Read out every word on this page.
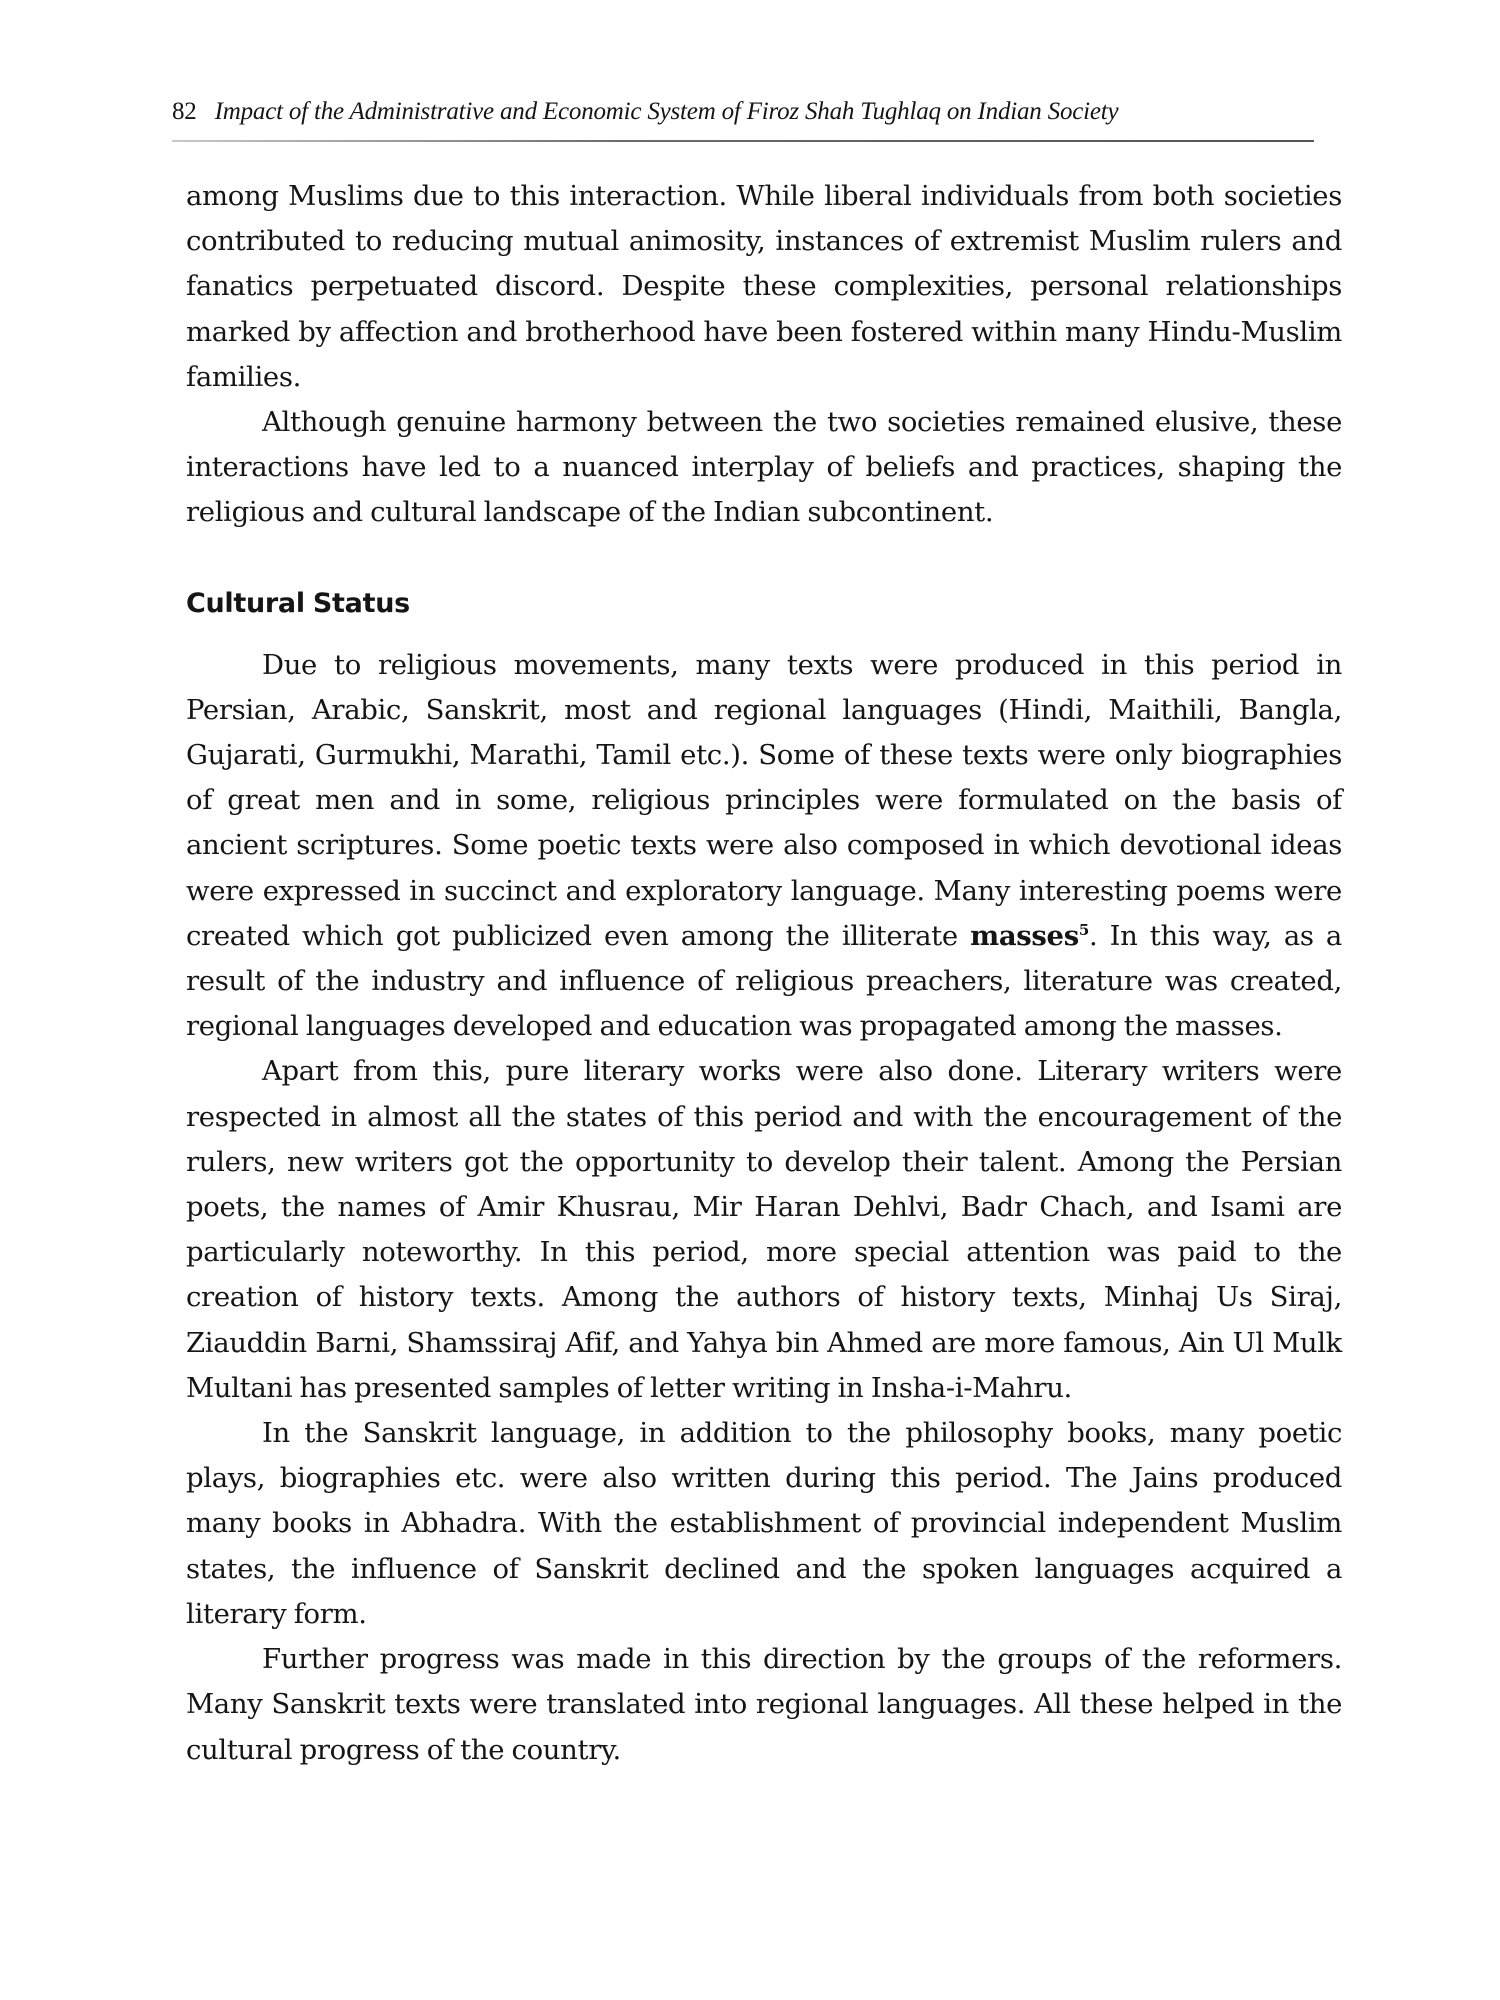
82 Impact of the Administrative and Economic System of Firoz Shah Tughlaq on Indian Society

among Muslims due to this interaction. While liberal individuals from both societies contributed to reducing mutual animosity, instances of extremist Muslim rulers and fanatics perpetuated discord. Despite these complexities, personal relationships marked by affection and brotherhood have been fostered within many Hindu-Muslim families.

Although genuine harmony between the two societies remained elusive, these interactions have led to a nuanced interplay of beliefs and practices, shaping the religious and cultural landscape of the Indian subcontinent.

Cultural Status

Due to religious movements, many texts were produced in this period in Persian, Arabic, Sanskrit, most and regional languages (Hindi, Maithili, Bangla, Gujarati, Gurmukhi, Marathi, Tamil etc.). Some of these texts were only biographies of great men and in some, religious principles were formulated on the basis of ancient scriptures. Some poetic texts were also composed in which devotional ideas were expressed in succinct and exploratory language. Many interesting poems were created which got publicized even among the illiterate masses$^5$. In this way, as a result of the industry and influence of religious preachers, literature was created, regional languages developed and education was propagated among the masses.

Apart from this, pure literary works were also done. Literary writers were respected in almost all the states of this period and with the encouragement of the rulers, new writers got the opportunity to develop their talent. Among the Persian poets, the names of Amir Khusrau, Mir Haran Dehlvi, Badr Chach, and Isami are particularly noteworthy. In this period, more special attention was paid to the creation of history texts. Among the authors of history texts, Minhaj Us Siraj, Ziauddin Barni, Shamssiraj Afif, and Yahya bin Ahmed are more famous, Ain Ul Mulk Multani has presented samples of letter writing in Insha-i-Mahru.

In the Sanskrit language, in addition to the philosophy books, many poetic plays, biographies etc. were also written during this period. The Jains produced many books in Abhadra. With the establishment of provincial independent Muslim states, the influence of Sanskrit declined and the spoken languages acquired a literary form.

Further progress was made in this direction by the groups of the reformers. Many Sanskrit texts were translated into regional languages. All these helped in the cultural progress of the country.
